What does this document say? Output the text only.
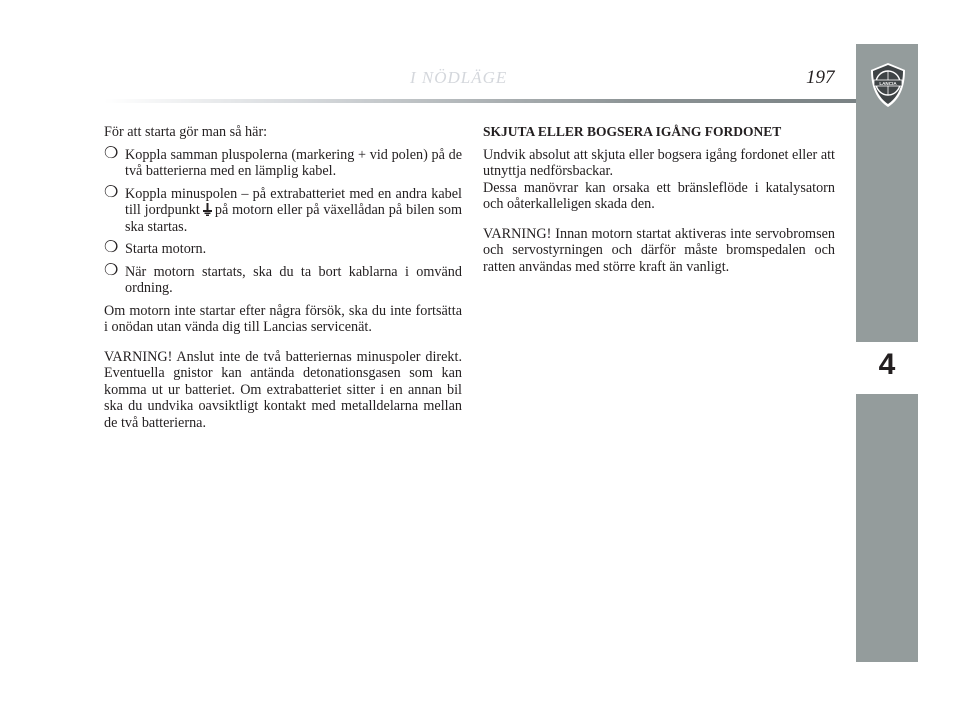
I NÖDLÄGE	197
4
LANCIA

För att starta gör man så här:

❍ Koppla samman pluspolerna (markering + vid polen) på de två batterierna med en lämplig kabel.
❍ Koppla minuspolen – på extrabatteriet med en andra kabel till jordpunkt på motorn eller på växellådan på bilen som ska startas.
❍ Starta motorn.
❍ När motorn startats, ska du ta bort kablarna i omvänd ordning.

Om motorn inte startar efter några försök, ska du inte fortsätta i onödan utan vända dig till Lancias servicenät.

VARNING! Anslut inte de två batteriernas minuspoler direkt. Eventuella gnistor kan antända detonationsgasen som kan komma ut ur batteriet. Om extrabatteriet sitter i en annan bil ska du undvika oavsiktligt kontakt med metalldelarna mellan de två batterierna.

SKJUTA ELLER BOGSERA IGÅNG FORDONET

Undvik absolut att skjuta eller bogsera igång fordonet eller att utnyttja nedförsbackar.

Dessa manövrar kan orsaka ett bränsleflöde i katalysatorn och oåterkalleligen skada den.

VARNING! Innan motorn startat aktiveras inte servobromsen och servostyrningen och därför måste bromspedalen och ratten användas med större kraft än vanligt.
